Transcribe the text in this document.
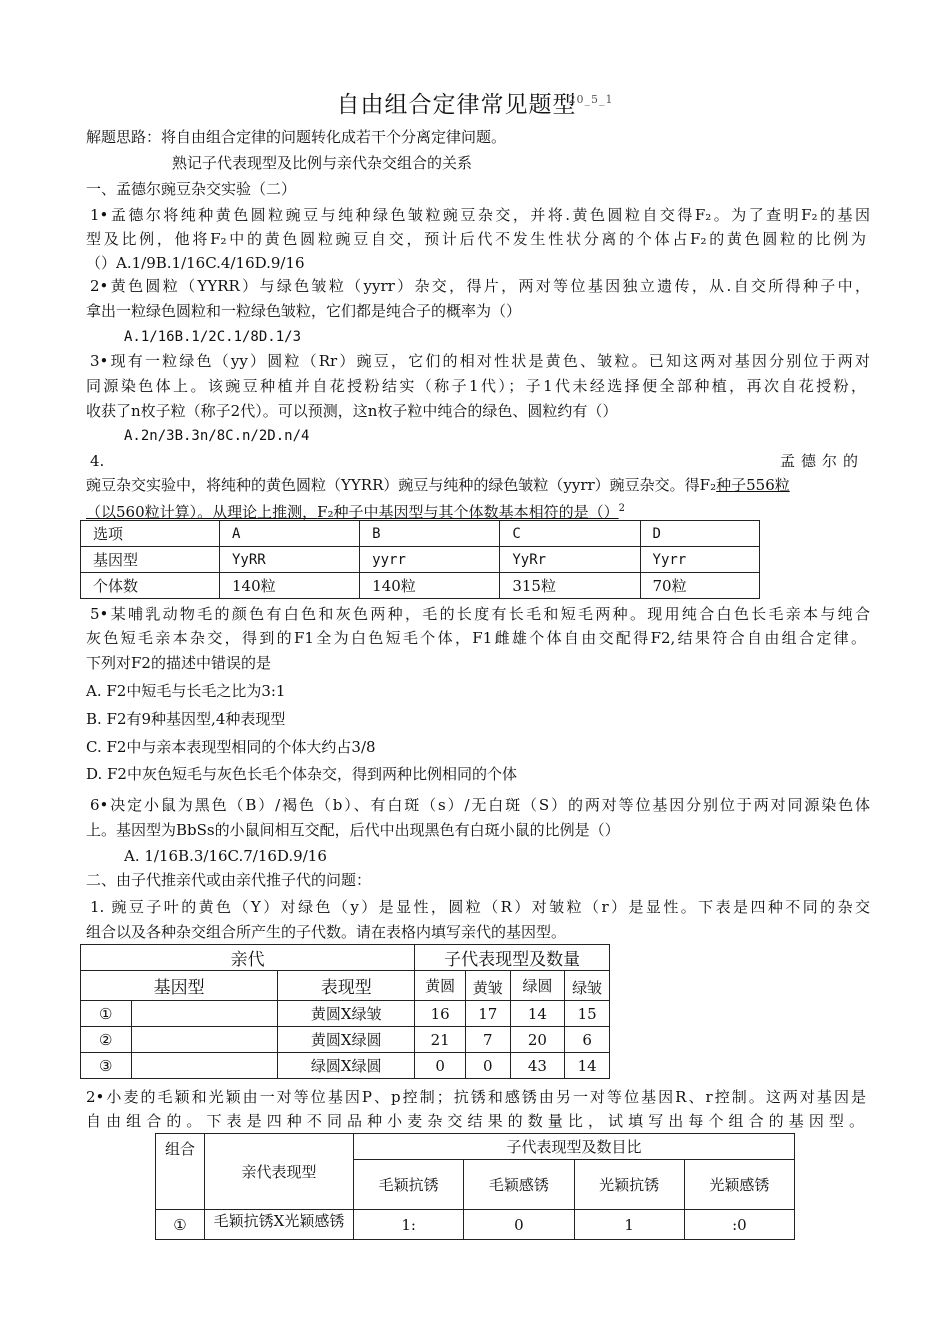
自由组合定律常见题型$^{20\_5\_1}$
解题思路：将自由组合定律的问题转化成若干个分离定律问题。
熟记子代表现型及比例与亲代杂交组合的关系
一、孟德尔豌豆杂交实验（二）
1•孟德尔将纯种黄色圆粒豌豆与纯种绿色皱粒豌豆杂交，并将.黄色圆粒自交得F₂。为了查明F₂的基因
型及比例，他将F₂中的黄色圆粒豌豆自交，预计后代不发生性状分离的个体占F₂的黄色圆粒的比例为
（）A.1/9B.1/16C.4/16D.9/16
2•黄色圆粒（YYRR）与绿色皱粒（yyrr）杂交，得片，两对等位基因独立遗传，从.自交所得种子中，
拿出一粒绿色圆粒和一粒绿色皱粒，它们都是纯合子的概率为（）
A.1/16B.1/2C.1/8D.1/3
3•现有一粒绿色（yy）圆粒（Rr）豌豆，它们的相对性状是黄色、皱粒。已知这两对基因分别位于两对
同源染色体上。该豌豆种植并自花授粉结实（称子1代）；子1代未经选择便全部种植，再次自花授粉，
收获了n枚子粒（称子2代）。可以预测，这n枚子粒中纯合的绿色、圆粒约有（）
A.2n/3B.3n/8C.n/2D.n/4
4.	孟德尔的
豌豆杂交实验中，将纯种的黄色圆粒（YYRR）豌豆与纯种的绿色皱粒（yyrr）豌豆杂交。得F₂种子556粒
（以560粒计算）。从理论上推测，F₂种子中基因型与其个体数基本相符的是（）$^2$
选项	A	B	C	D
基因型	YyRR	yyrr	YyRr	Yyrr
个体数	140粒	140粒	315粒	70粒
5•某哺乳动物毛的颜色有白色和灰色两种，毛的长度有长毛和短毛两种。现用纯合白色长毛亲本与纯合
灰色短毛亲本杂交，得到的F1全为白色短毛个体，F1雌雄个体自由交配得F2,结果符合自由组合定律。
下列对F2的描述中错误的是
A. F2中短毛与长毛之比为3:1
B. F2有9种基因型,4种表现型
C. F2中与亲本表现型相同的个体大约占3/8
D. F2中灰色短毛与灰色长毛个体杂交，得到两种比例相同的个体
6•决定小鼠为黑色（B）/褐色（b）、有白斑（s）/无白斑（S）的两对等位基因分别位于两对同源染色体
上。基因型为BbSs的小鼠间相互交配，后代中出现黑色有白斑小鼠的比例是（）
A. 1/16B.3/16C.7/16D.9/16
二、由子代推亲代或由亲代推子代的问题：
1. 豌豆子叶的黄色（Y）对绿色（y）是显性，圆粒（R）对皱粒（r）是显性。下表是四种不同的杂交
组合以及各种杂交组合所产生的子代数。请在表格内填写亲代的基因型。
亲代			子代表现型及数量			
基因型		表现型	黄圆	黄皱	绿圆	绿皱

①		黄圆X绿皱	16	17	14	15
②		黄圆X绿圆	21	7	20	6
③		绿圆X绿圆	0	0	43	14
2•小麦的毛颖和光颖由一对等位基因P、p控制；抗锈和感锈由另一对等位基因R、r控制。这两对基因是
自由组合的。下表是四种不同品种小麦杂交结果的数量比，试填写出每个组合的基因型。
组合	亲代表现型	子代表现型及数目比			
		毛颖抗锈	毛颖感锈	光颖抗锈	光颖感锈
①	毛颖抗锈X光颖感锈	1:	0	1	:0
